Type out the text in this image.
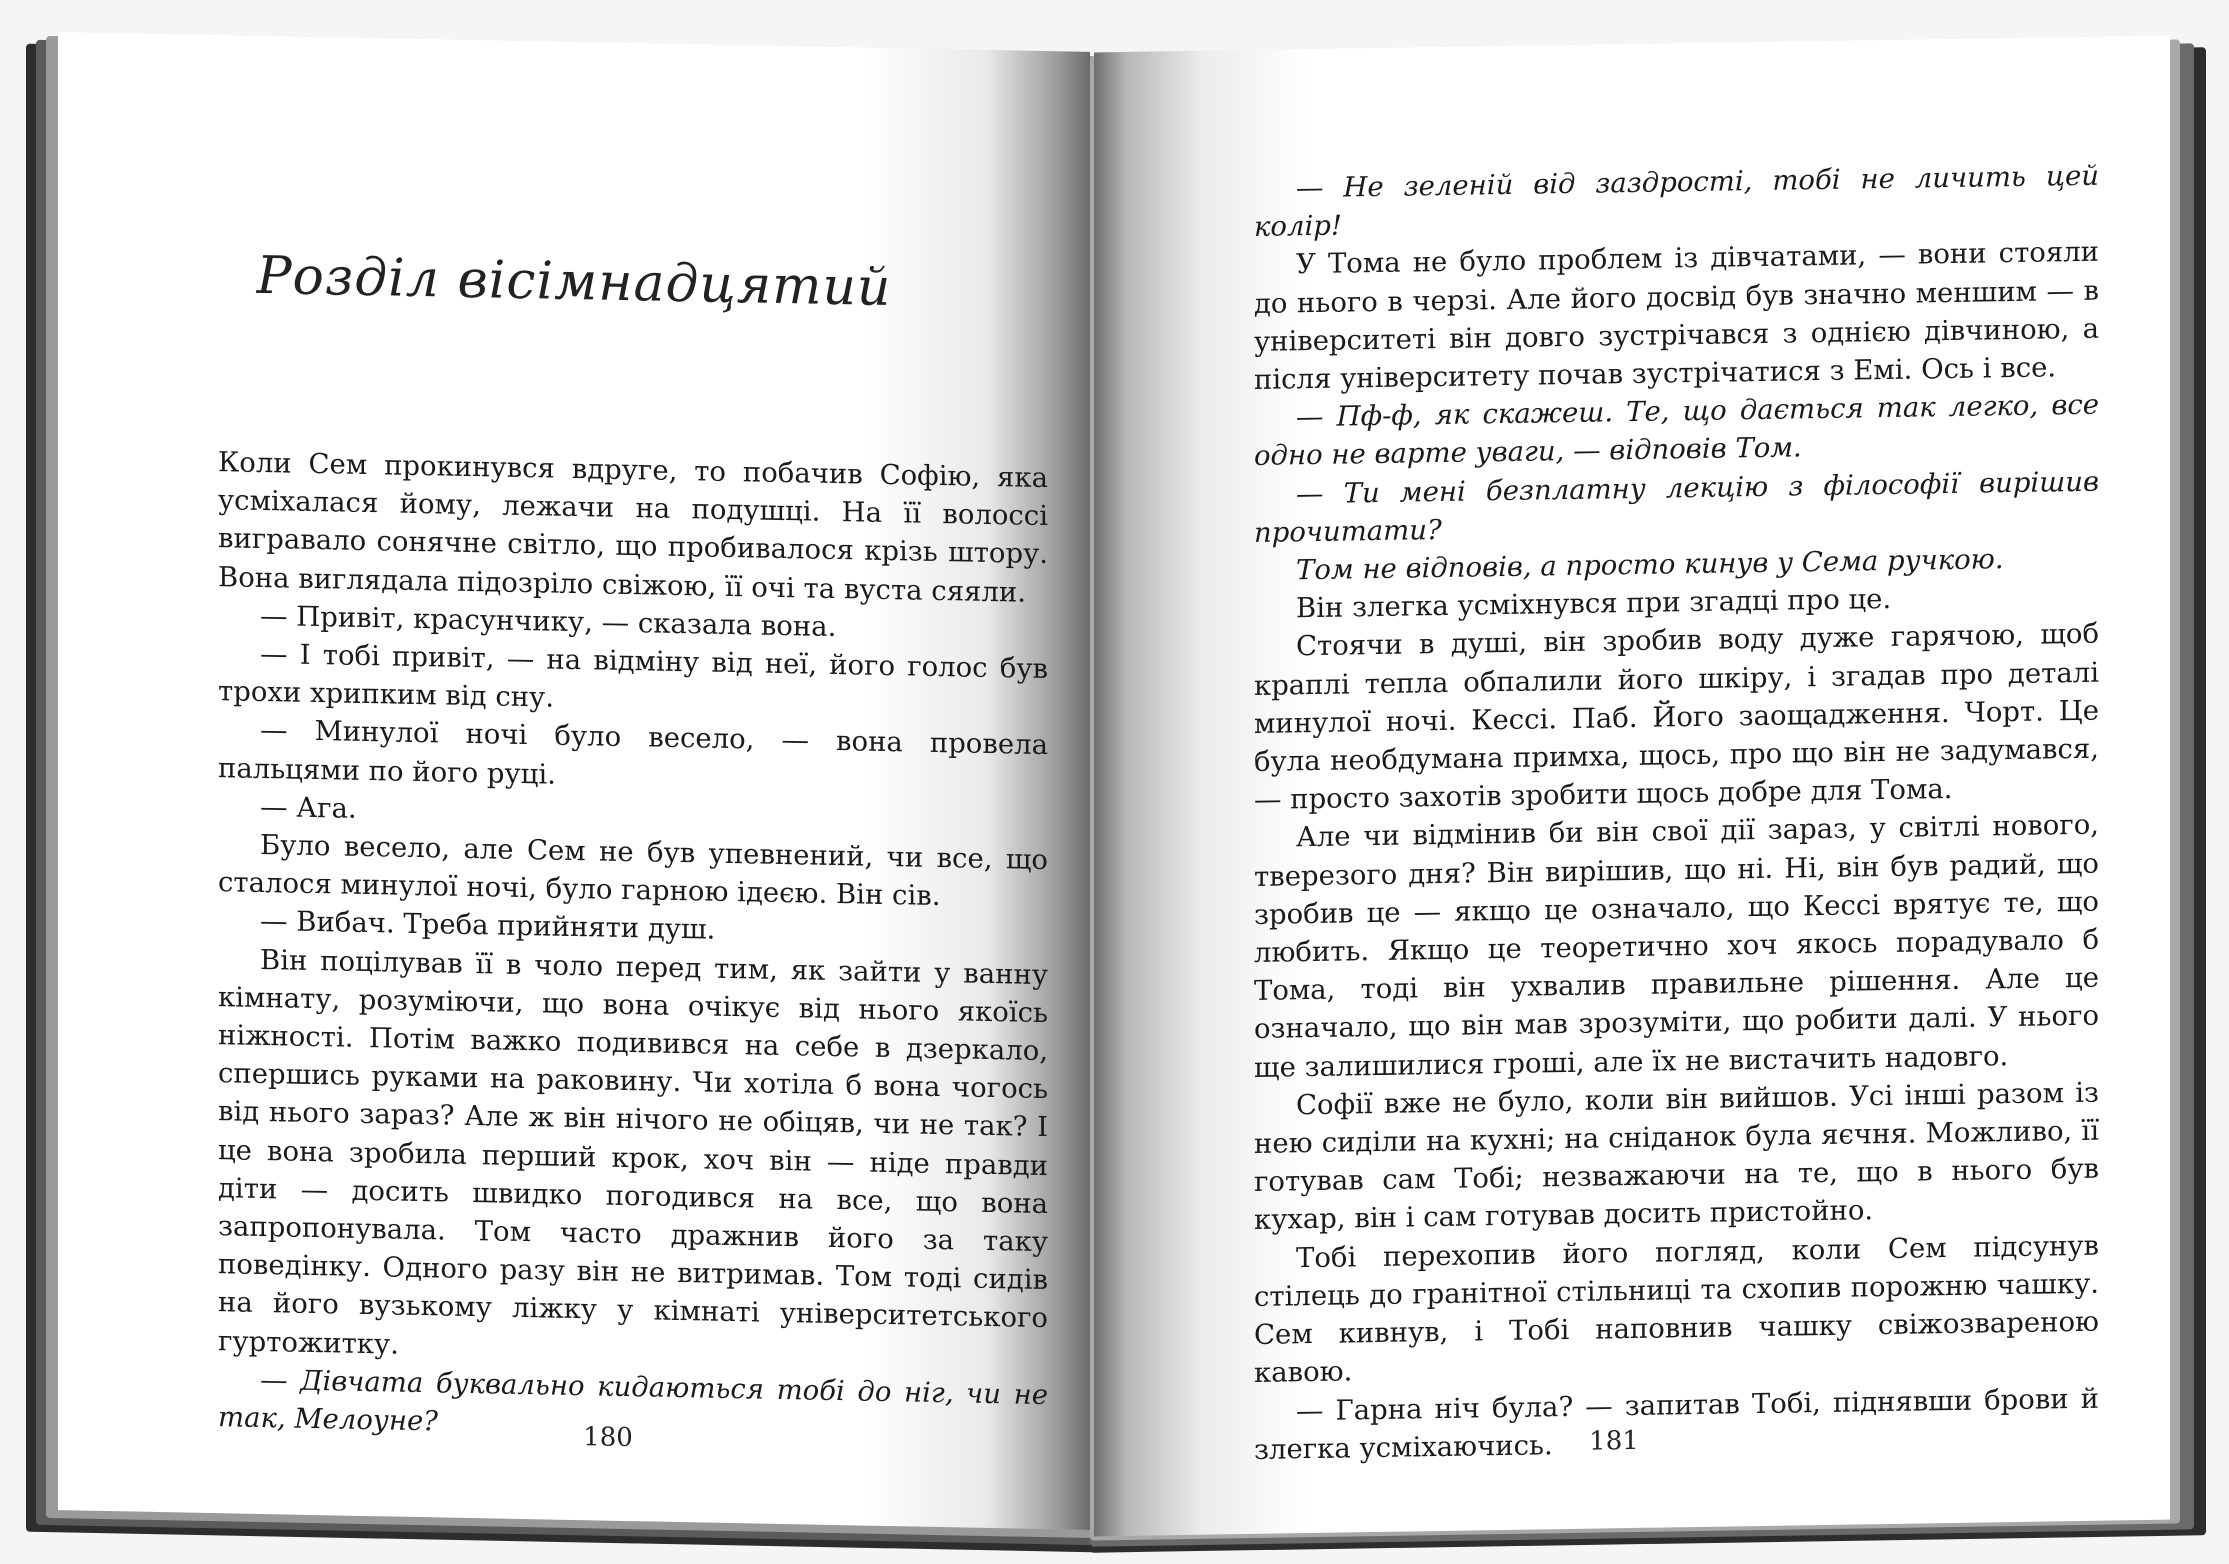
Розділ вісімнадцятий

Коли Сем прокинувся вдруге, то побачив Софію, яка усміхалася йому, лежачи на подушці. На її волоссі вигравало сонячне світло, що пробивалося крізь штору. Вона виглядала підозріло свіжою, її очі та вуста сяяли.

— Привіт, красунчику, — сказала вона.

— І тобі привіт, — на відміну від неї, його голос був трохи хрипким від сну.

— Минулої ночі було весело, — вона провела пальцями по його руці.

— Ага.

Було весело, але Сем не був упевнений, чи все, що сталося минулої ночі, було гарною ідеєю. Він сів.

— Вибач. Треба прийняти душ.

Він поцілував її в чоло перед тим, як зайти у ванну кімнату, розуміючи, що вона очікує від нього якоїсь ніжності. Потім важко подивився на себе в дзеркало, спершись руками на раковину. Чи хотіла б вона чогось від нього зараз? Але ж він нічого не обіцяв, чи не так? І це вона зробила перший крок, хоч він — ніде правди діти — досить швидко погодився на все, що вона запропонувала. Том часто дражнив його за таку поведінку. Одного разу він не витримав. Том тоді сидів на його вузькому ліжку у кімнаті університетського гуртожитку.

— Дівчата буквально кидаються тобі до ніг, чи не так, Мелоуне?

180

— Не зеленій від заздрості, тобі не личить цей колір!

У Тома не було проблем із дівчатами, — вони стояли до нього в черзі. Але його досвід був значно меншим — в університеті він довго зустрічався з однією дівчиною, а після університету почав зустрічатися з Емі. Ось і все.

— Пф-ф, як скажеш. Те, що дається так легко, все одно не варте уваги, — відповів Том.

— Ти мені безплатну лекцію з філософії вирішив прочитати?

Том не відповів, а просто кинув у Сема ручкою.

Він злегка усміхнувся при згадці про це.

Стоячи в душі, він зробив воду дуже гарячою, щоб краплі тепла обпалили його шкіру, і згадав про деталі минулої ночі. Кессі. Паб. Його заощадження. Чорт. Це була необдумана примха, щось, про що він не задумався, — просто захотів зробити щось добре для Тома.

Але чи відмінив би він свої дії зараз, у світлі нового, тверезого дня? Він вирішив, що ні. Ні, він був радий, що зробив це — якщо це означало, що Кессі врятує те, що любить. Якщо це теоретично хоч якось порадувало б Тома, тоді він ухвалив правильне рішення. Але це означало, що він мав зрозуміти, що робити далі. У нього ще залишилися гроші, але їх не вистачить надовго.

Софії вже не було, коли він вийшов. Усі інші разом із нею сиділи на кухні; на сніданок була яєчня. Можливо, її готував сам Тобі; незважаючи на те, що в нього був кухар, він і сам готував досить пристойно.

Тобі перехопив його погляд, коли Сем підсунув стілець до гранітної стільниці та схопив порожню чашку. Сем кивнув, і Тобі наповнив чашку свіжозвареною кавою.

— Гарна ніч була? — запитав Тобі, піднявши брови й злегка усміхаючись.	181
